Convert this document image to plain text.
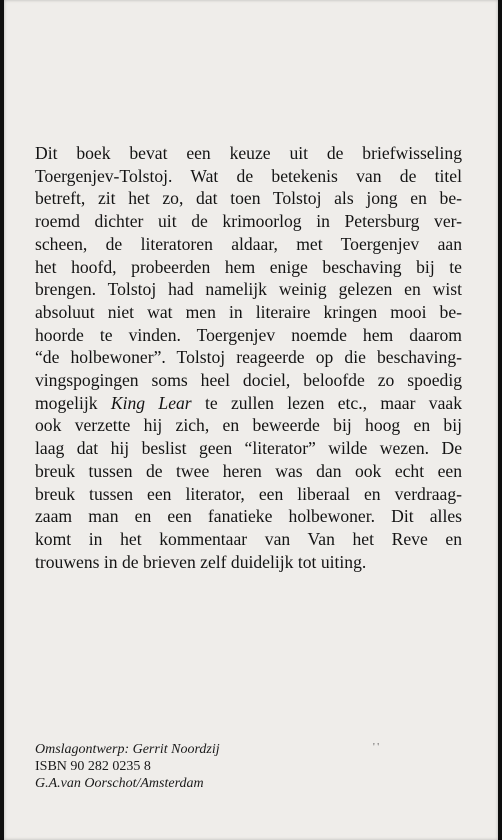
Dit boek bevat een keuze uit de briefwisseling
Toergenjev-Tolstoj. Wat de betekenis van de titel
betreft, zit het zo, dat toen Tolstoj als jong en be-
roemd dichter uit de krimoorlog in Petersburg ver-
scheen, de literatoren aldaar, met Toergenjev aan
het hoofd, probeerden hem enige beschaving bij te
brengen. Tolstoj had namelijk weinig gelezen en wist
absoluut niet wat men in literaire kringen mooi be-
hoorde te vinden. Toergenjev noemde hem daarom
“de holbewoner”. Tolstoj reageerde op die beschaving-
vingspogingen soms heel dociel, beloofde zo spoedig
mogelijk King Lear te zullen lezen etc., maar vaak
ook verzette hij zich, en beweerde bij hoog en bij
laag dat hij beslist geen “literator” wilde wezen. De
breuk tussen de twee heren was dan ook echt een
breuk tussen een literator, een liberaal en verdraag-
zaam man en een fanatieke holbewoner. Dit alles
komt in het kommentaar van Van het Reve en
trouwens in de brieven zelf duidelijk tot uiting.
' '
Omslagontwerp: Gerrit Noordzij
ISBN 90 282 0235 8
G.A.van Oorschot/Amsterdam
